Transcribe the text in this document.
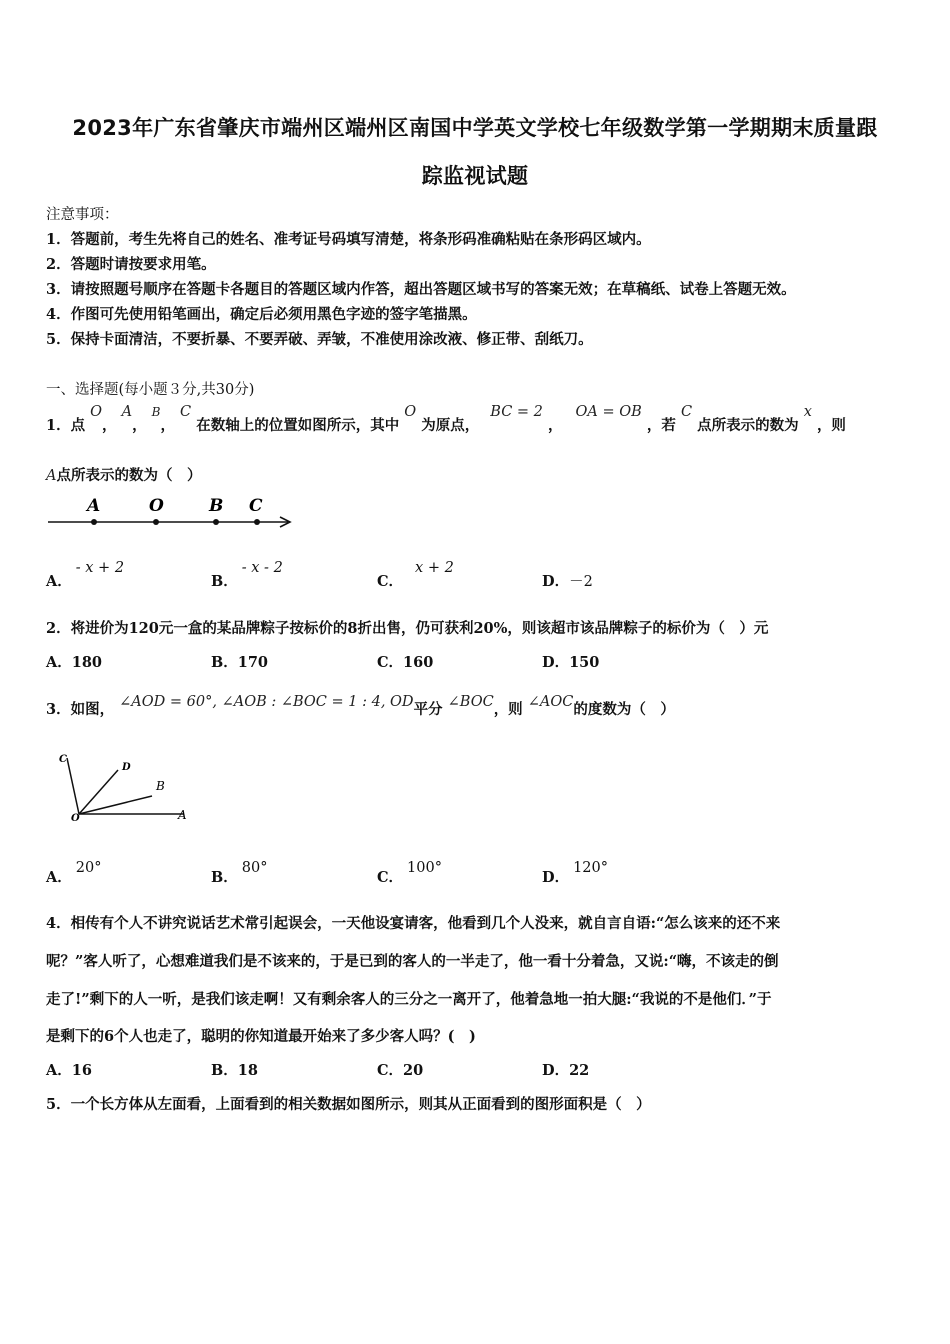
2023年广东省肇庆市端州区端州区南国中学英文学校七年级数学第一学期期末质量跟
踪监视试题
注意事项：
1．答题前，考生先将自己的姓名、准考证号码填写清楚，将条形码准确粘贴在条形码区域内。
2．答题时请按要求用笔。
3．请按照题号顺序在答题卡各题目的答题区域内作答，超出答题区域书写的答案无效；在草稿纸、试卷上答题无效。
4．作图可先使用铅笔画出，确定后必须用黑色字迹的签字笔描黑。
5．保持卡面清洁，不要折暴、不要弄破、弄皱，不准使用涂改液、修正带、刮纸刀。
一、选择题(每小题３分,共30分)
1．点 O， A， $^B$， C 在数轴上的位置如图所示，其中 O 为原点， BC = 2 ， OA = OB ，若 C 点所表示的数为 x ，则
A点所表示的数为（　）
A	O	B C
A．- x + 2
B．- x - 2
C．x + 2
D．－2
2．将进价为120元一盒的某品牌粽子按标价的8折出售，仍可获利20%，则该超市该品牌粽子的标价为（　）元
A．180	B．170	C．160	D．150
3．如图， ∠AOD = 60°, ∠AOB : ∠BOC = 1 : 4, OD平分 ∠BOC，则 ∠AOC的度数为（　）
C
D
B
O	A
A．20°
B．80°
C．100°
D．120°
4．相传有个人不讲究说话艺术常引起误会，一天他设宴请客，他看到几个人没来，就自言自语:“怎么该来的还不来
呢？”客人听了，心想难道我们是不该来的，于是已到的客人的一半走了，他一看十分着急，又说:“嗨，不该走的倒
走了!”剩下的人一听，是我们该走啊！又有剩余客人的三分之一离开了，他着急地一拍大腿:“我说的不是他们．”于
是剩下的6个人也走了，聪明的你知道最开始来了多少客人吗？(　)
A．16	B．18	C．20	D．22
5．一个长方体从左面看，上面看到的相关数据如图所示，则其从正面看到的图形面积是（　）
